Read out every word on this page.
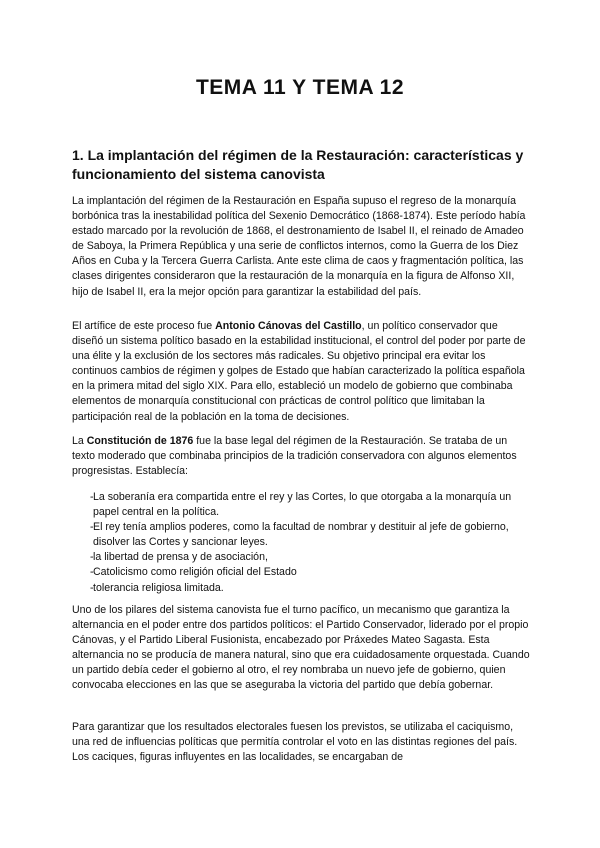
TEMA 11 Y TEMA 12
1. La implantación del régimen de la Restauración: características y funcionamiento del sistema canovista

La implantación del régimen de la Restauración en España supuso el regreso de la monarquía borbónica tras la inestabilidad política del Sexenio Democrático (1868-1874). Este período había estado marcado por la revolución de 1868, el destronamiento de Isabel II, el reinado de Amadeo de Saboya, la Primera República y una serie de conflictos internos, como la Guerra de los Diez Años en Cuba y la Tercera Guerra Carlista. Ante este clima de caos y fragmentación política, las clases dirigentes consideraron que la restauración de la monarquía en la figura de Alfonso XII, hijo de Isabel II, era la mejor opción para garantizar la estabilidad del país.

El artífice de este proceso fue Antonio Cánovas del Castillo, un político conservador que diseñó un sistema político basado en la estabilidad institucional, el control del poder por parte de una élite y la exclusión de los sectores más radicales. Su objetivo principal era evitar los continuos cambios de régimen y golpes de Estado que habían caracterizado la política española en la primera mitad del siglo XIX. Para ello, estableció un modelo de gobierno que combinaba elementos de monarquía constitucional con prácticas de control político que limitaban la participación real de la población en la toma de decisiones.

La Constitución de 1876 fue la base legal del régimen de la Restauración. Se trataba de un texto moderado que combinaba principios de la tradición conservadora con algunos elementos progresistas. Establecía:

- La soberanía era compartida entre el rey y las Cortes, lo que otorgaba a la monarquía un papel central en la política.
- El rey tenía amplios poderes, como la facultad de nombrar y destituir al jefe de gobierno, disolver las Cortes y sancionar leyes.
- la libertad de prensa y de asociación,
- Catolicismo como religión oficial del Estado
- tolerancia religiosa limitada.

Uno de los pilares del sistema canovista fue el turno pacífico, un mecanismo que garantiza la alternancia en el poder entre dos partidos políticos: el Partido Conservador, liderado por el propio Cánovas, y el Partido Liberal Fusionista, encabezado por Práxedes Mateo Sagasta. Esta alternancia no se producía de manera natural, sino que era cuidadosamente orquestada. Cuando un partido debía ceder el gobierno al otro, el rey nombraba un nuevo jefe de gobierno, quien convocaba elecciones en las que se aseguraba la victoria del partido que debía gobernar.

Para garantizar que los resultados electorales fuesen los previstos, se utilizaba el caciquismo, una red de influencias políticas que permitía controlar el voto en las distintas regiones del país. Los caciques, figuras influyentes en las localidades, se encargaban de
